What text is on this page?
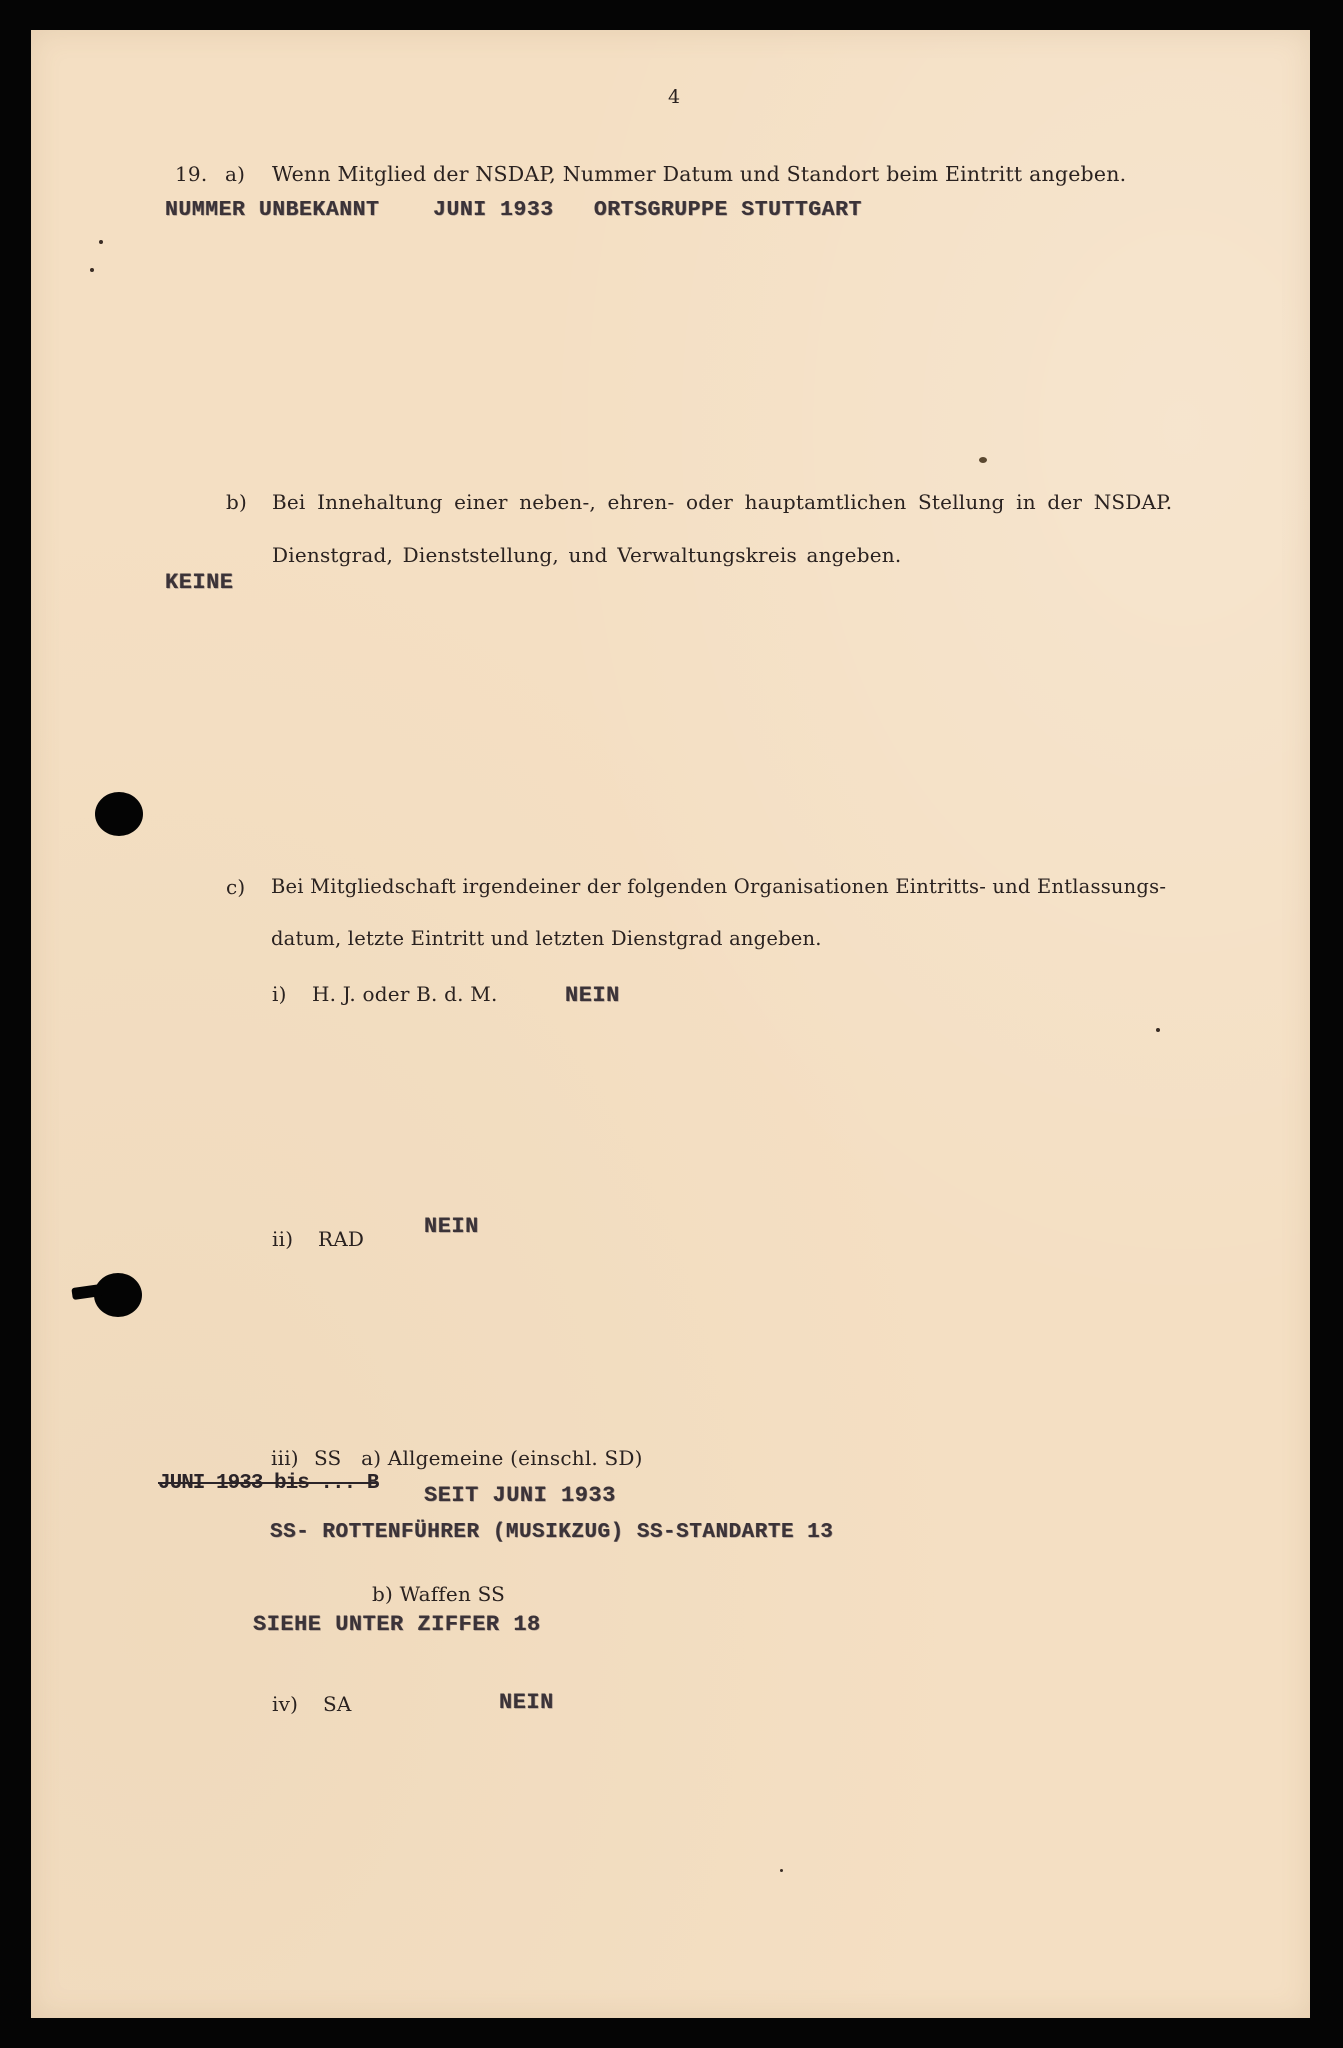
4
19. a) Wenn Mitglied der NSDAP, Nummer Datum und Standort beim Eintritt angeben.
NUMMER UNBEKANNT    JUNI 1933   ORTSGRUPPE STUTTGART
b) Bei Innehaltung einer neben-, ehren- oder hauptamtlichen Stellung in der NSDAP.
Dienstgrad, Dienststellung, und Verwaltungskreis angeben.
KEINE
c) Bei Mitgliedschaft irgendeiner der folgenden Organisationen Eintritts- und Entlassungs-
datum, letzte Eintritt und letzten Dienstgrad angeben.
i) H. J. oder B. d. M.	NEIN
ii) RAD	NEIN
iii) SS   a) Allgemeine (einschl. SD)
JUNI 1933 bis ... B SEIT JUNI 1933
SS- ROTTENFÜHRER (MUSIKZUG) SS-STANDARTE 13
b) Waffen SS
SIEHE UNTER ZIFFER 18
iv) SA	NEIN
